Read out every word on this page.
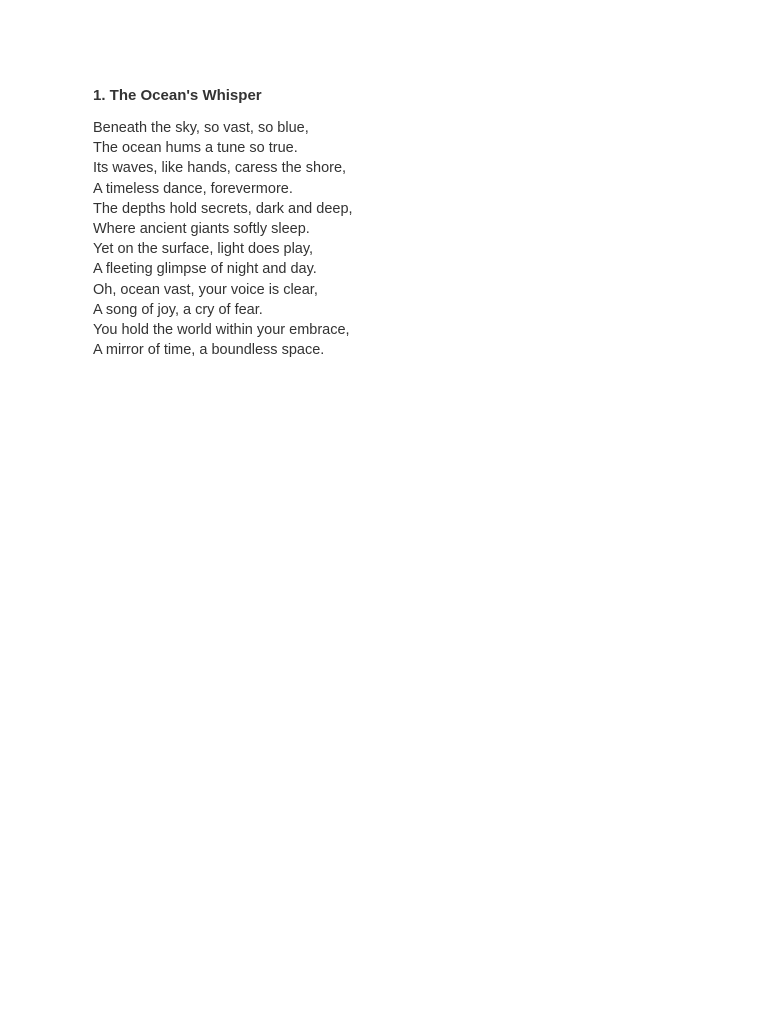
1. The Ocean's Whisper
Beneath the sky, so vast, so blue,
The ocean hums a tune so true.
Its waves, like hands, caress the shore,
A timeless dance, forevermore.
The depths hold secrets, dark and deep,
Where ancient giants softly sleep.
Yet on the surface, light does play,
A fleeting glimpse of night and day.
Oh, ocean vast, your voice is clear,
A song of joy, a cry of fear.
You hold the world within your embrace,
A mirror of time, a boundless space.
